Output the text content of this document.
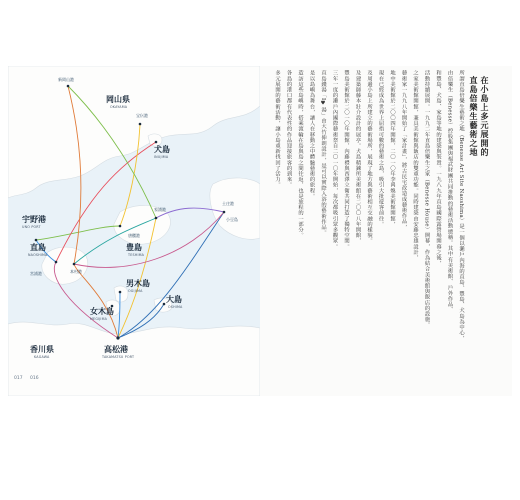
新岡山港
岡山県
OKAYAMA
宝伝港
犬島
INUJIMA
土庄港
小豆島
宇野港
UNO PORT
唐櫃港
家浦港
直島
NAOSHIMA
宮浦港	本村港
豊島
TESHIMA
男木島
OGIJIMA
大島
OSHIMA
女木島
MEGIJIMA
香川県
KAGAWA
高松港
TAKAMATSU PORT
017 016
在小島上多元展開的
直島倍樂生藝術之地
所謂直島倍樂生藝術之地（Benesse Art Site Naoshima）是一個以瀨戶內海的直島、豐島、犬島為中心，
由倍樂生（Benesse）控股集團與福武財團共同推動的藝術活動總稱。其中有美術館、戶外作品、
和豐島、犬島、家島等地的建築與裝置。一九八九年直島國際露營場開幕之後，
活動持續展開。一九九二年直島倍樂生之家（Benesse House）開幕，作為結合美術館與飯店的設施。
之家美術館開館，兼具美術館與飯店的雙重功能。同時建築由安藤忠雄設計，
藝術家一九九八年開始了「家計畫」，將古民宅改造成藝術作品，
地中美術館於二〇〇四年開館，二〇一〇年李禹煥美術館開館，
現在已經成為世界上屈指可數的藝術之島，吸引大批遊客前往。
及周邊小島上所建立的藝術場所，展現了地方與藝術相互交融的樣貌。
及建築師藤本壯介設計的展亭。犬島精錬所美術館在二〇〇八年開館，
豐島美術館於二〇一〇年開館，內藤禮與西澤立衛共同打造了獨特空間。
三年一度的瀨戶內國際藝術祭自二〇一〇年開始，每次都吸引眾多觀眾。
直島錢湯「I♥湯」由大竹伸朗設計，是可以實際入浴的藝術作品。
是以島嶼為舞台，讓人在移動之中體驗藝術的旅程。
造訪這些島嶼時，搭乘渡輪在島與島之間往返，也是旅程的一部分。
各島的港口都有代表性的作品迎接旅客的到來。
多元展開的藝術活動，讓小島重新找回了活力。
